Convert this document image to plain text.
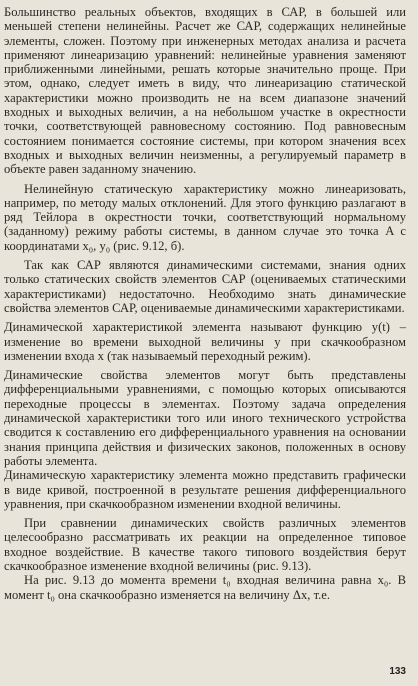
Большинство реальных объектов, входящих в САР, в большей или меньшей степени нелинейны. Расчет же САР, содержащих нелинейные элементы, сложен. Поэтому при инженерных методах анализа и расчета применяют линеаризацию уравнений: нелинейные уравнения заменяют приближенными линейными, решать которые значительно проще. При этом, однако, следует иметь в виду, что линеаризацию статической характеристики можно производить не на всем диапазоне значений входных и выходных величин, а на небольшом участке в окрестности точки, соответствующей равновесному состоянию. Под равновесным состоянием понимается состояние системы, при котором значения всех входных и выходных величин неизменны, а регулируемый параметр в объекте равен заданному значению.

Нелинейную статическую характеристику можно линеаризовать, например, по методу малых отклонений. Для этого функцию разлагают в ряд Тейлора в окрестности точки, соответствующий нормальному (заданному) режиму работы системы, в данном случае это точка A с координатами x₀, y₀ (рис. 9.12, б).

Так как САР являются динамическими системами, знания одних только статических свойств элементов САР (оцениваемых статическими характеристиками) недостаточно. Необходимо знать динамические свойства элементов САР, оцениваемые динамическими характеристиками.

Динамической характеристикой элемента называют функцию y(t) – изменение во времени выходной величины y при скачкообразном изменении входа x (так называемый переходный режим).

Динамические свойства элементов могут быть представлены дифференциальными уравнениями, с помощью которых описываются переходные процессы в элементах. Поэтому задача определения динамической характеристики того или иного технического устройства сводится к составлению его дифференциального уравнения на основании знания принципа действия и физических законов, положенных в основу работы элемента.

Динамическую характеристику элемента можно представить графически в виде кривой, построенной в результате решения дифференциального уравнения, при скачкообразном изменении входной величины.

При сравнении динамических свойств различных элементов целесообразно рассматривать их реакции на определенное типовое входное воздействие. В качестве такого типового воздействия берут скачкообразное изменение входной величины (рис. 9.13).

На рис. 9.13 до момента времени t₀ входная величина равна x₀. В момент t₀ она скачкообразно изменяется на величину Δx, т.е.

133
